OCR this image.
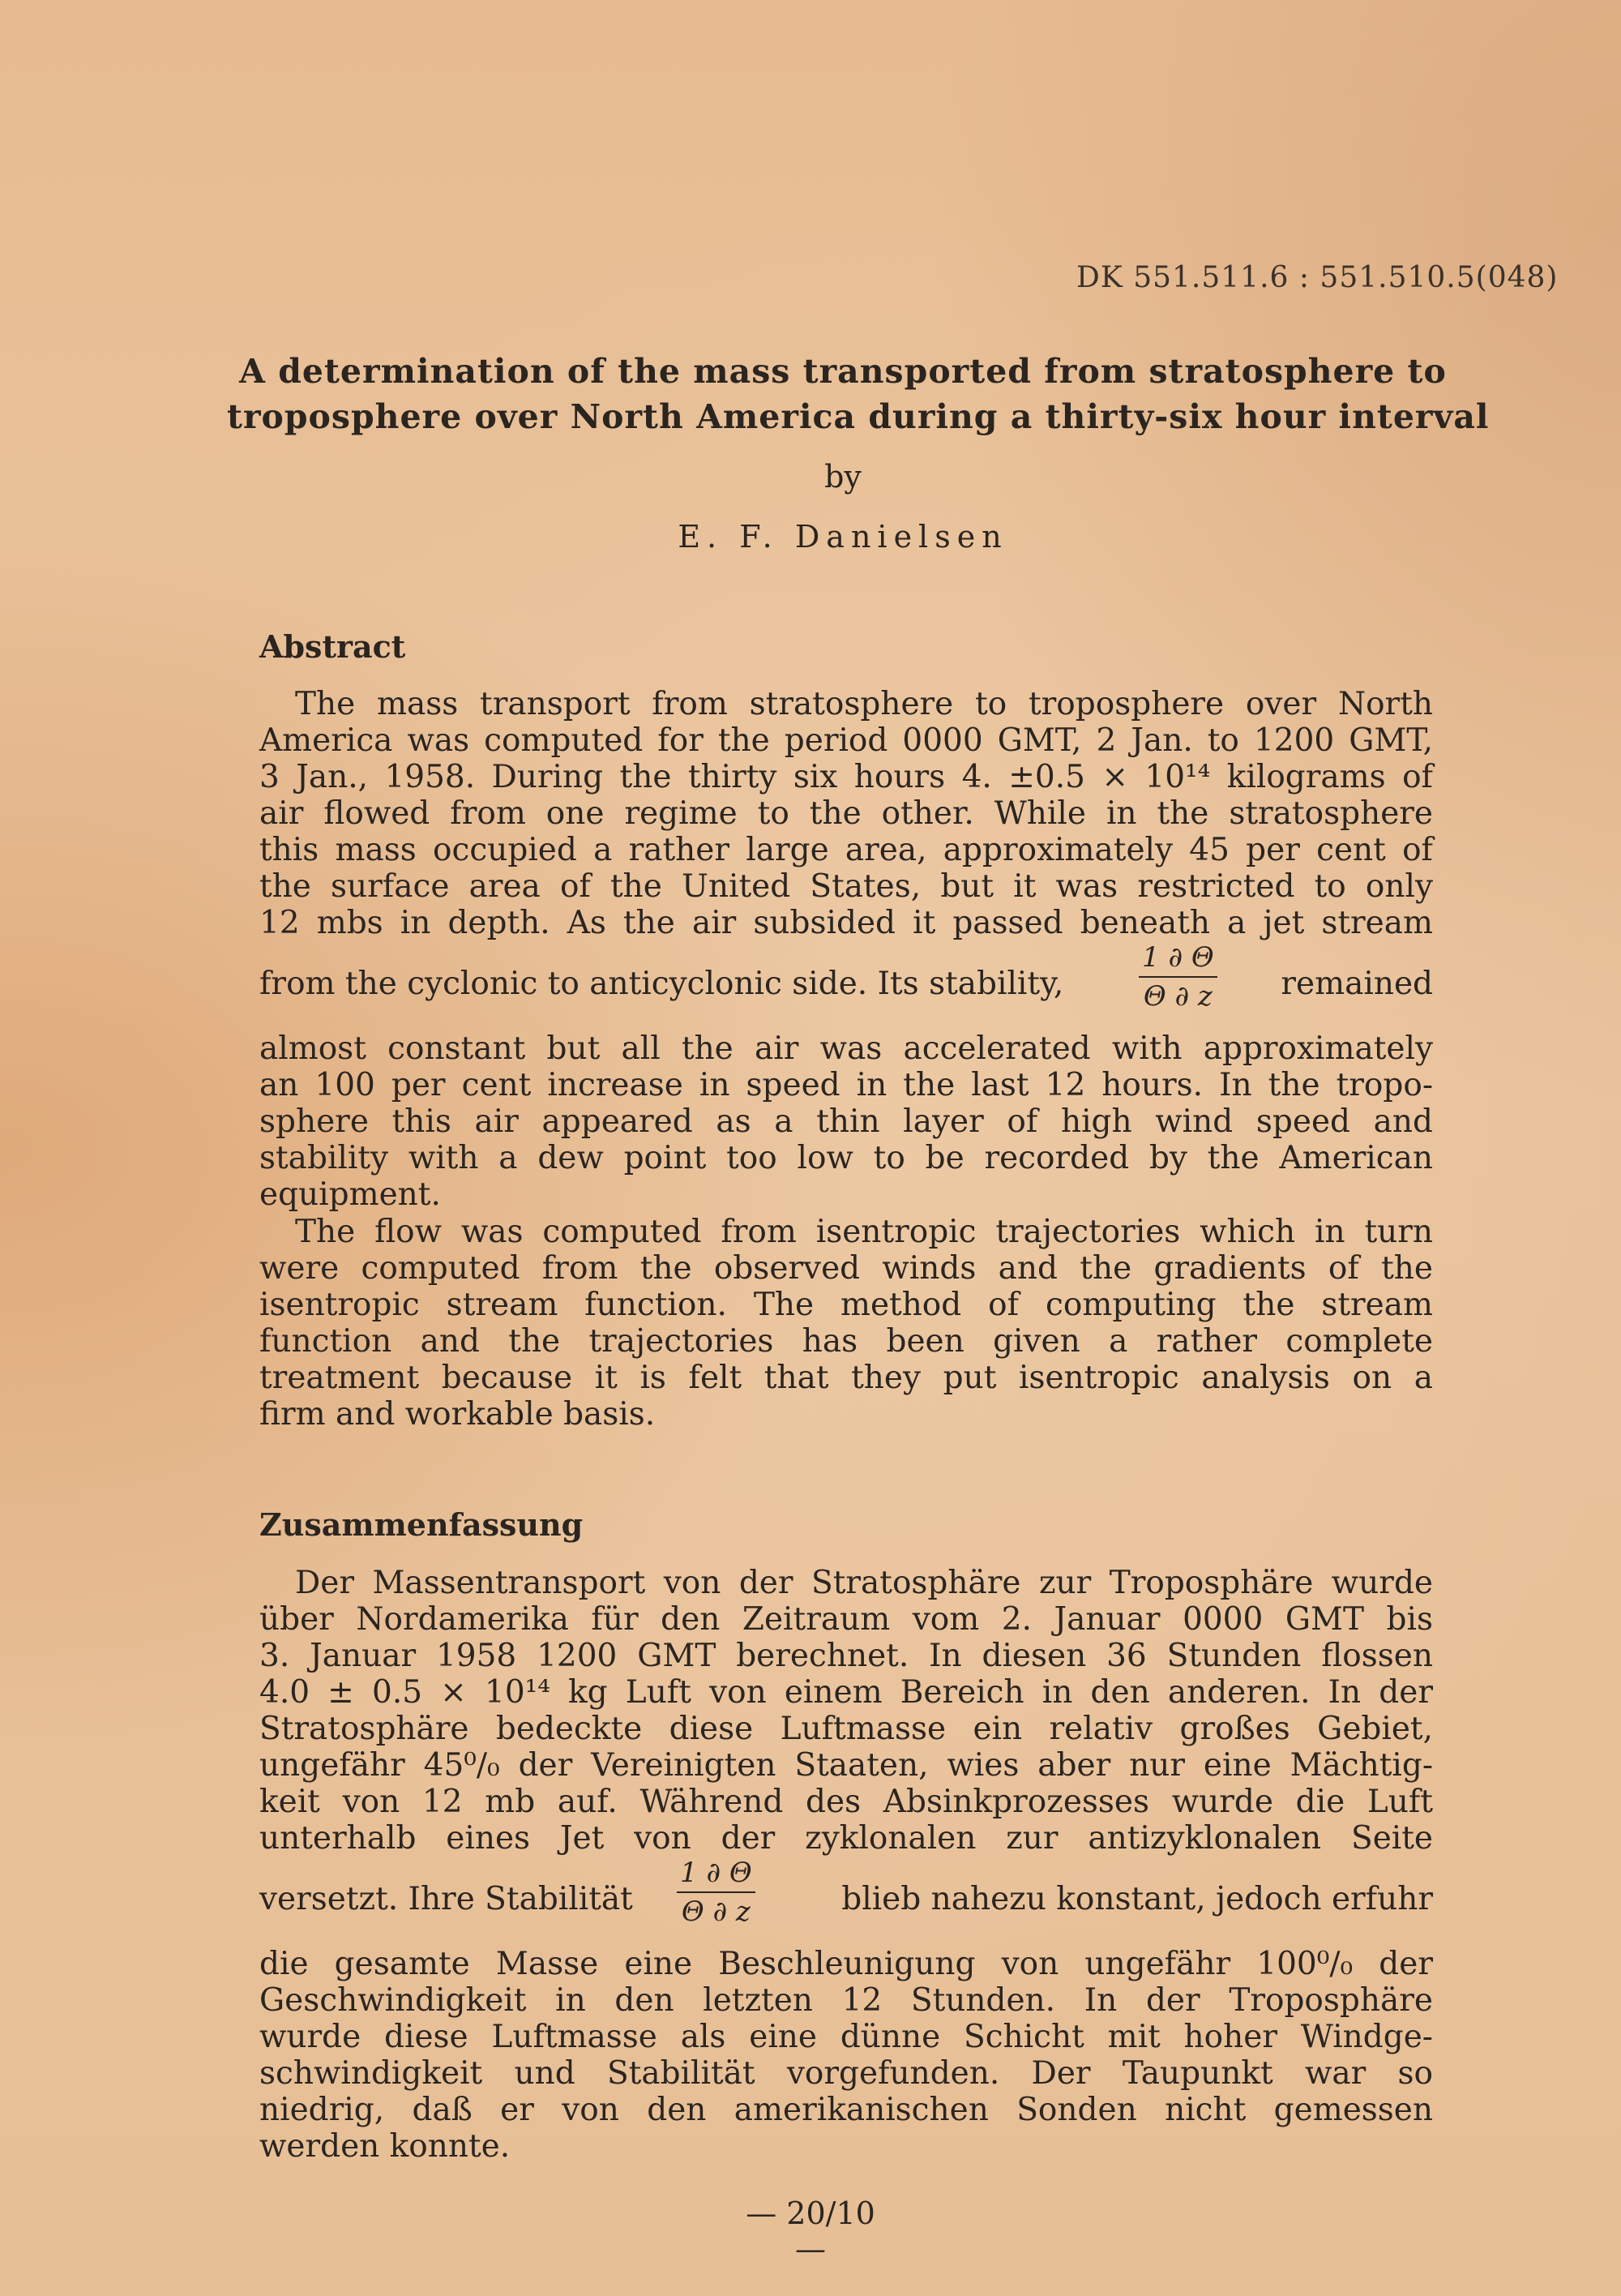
DK 551.511.6 : 551.510.5(048)
A determination of the mass transported from stratosphere to
troposphere over North America during a thirty-six hour interval
by
E. F. Danielsen
Abstract
The mass transport from stratosphere to troposphere over North
America was computed for the period 0000 GMT, 2 Jan. to 1200 GMT,
3 Jan., 1958. During the thirty six hours 4. ±0.5 × 10¹⁴ kilograms of
air flowed from one regime to the other. While in the stratosphere
this mass occupied a rather large area, approximately 45 per cent of
the surface area of the United States, but it was restricted to only
12 mbs in depth. As the air subsided it passed beneath a jet stream
from the cyclonic to anticyclonic side. Its stability,
1 ∂ Θ
Θ ∂ z remained
almost constant but all the air was accelerated with approximately
an 100 per cent increase in speed in the last 12 hours. In the tropo-
sphere this air appeared as a thin layer of high wind speed and
stability with a dew point too low to be recorded by the American
equipment.
The flow was computed from isentropic trajectories which in turn
were computed from the observed winds and the gradients of the
isentropic stream function. The method of computing the stream
function and the trajectories has been given a rather complete
treatment because it is felt that they put isentropic analysis on a
firm and workable basis.
Zusammenfassung
Der Massentransport von der Stratosphäre zur Troposphäre wurde
über Nordamerika für den Zeitraum vom 2. Januar 0000 GMT bis
3. Januar 1958 1200 GMT berechnet. In diesen 36 Stunden flossen
4.0 ± 0.5 × 10¹⁴ kg Luft von einem Bereich in den anderen. In der
Stratosphäre bedeckte diese Luftmasse ein relativ großes Gebiet,
ungefähr 45⁰/₀ der Vereinigten Staaten, wies aber nur eine Mächtig-
keit von 12 mb auf. Während des Absinkprozesses wurde die Luft
unterhalb eines Jet von der zyklonalen zur antizyklonalen Seite
versetzt. Ihre Stabilität
1 ∂ Θ
Θ ∂ z	blieb nahezu konstant, jedoch erfuhr
die gesamte Masse eine Beschleunigung von ungefähr 100⁰/₀ der
Geschwindigkeit in den letzten 12 Stunden. In der Troposphäre
wurde diese Luftmasse als eine dünne Schicht mit hoher Windge-
schwindigkeit und Stabilität vorgefunden. Der Taupunkt war so
niedrig, daß er von den amerikanischen Sonden nicht gemessen
werden konnte.
— 20/10 —
